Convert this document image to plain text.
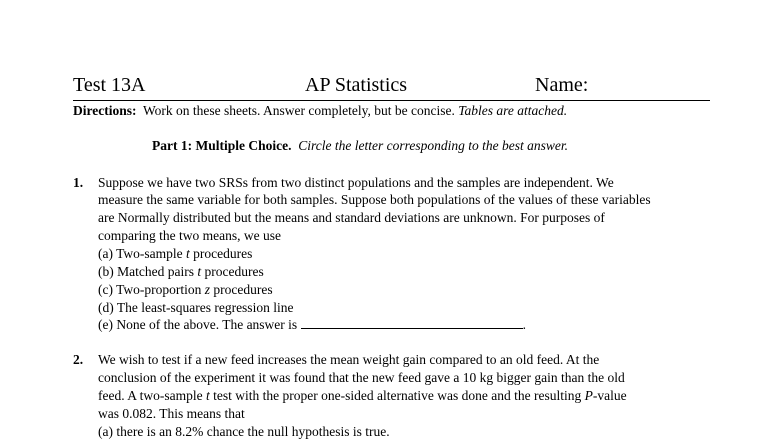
Test 13A	AP Statistics	Name:
Directions: Work on these sheets. Answer completely, but be concise. Tables are attached.
Part 1: Multiple Choice. Circle the letter corresponding to the best answer.
1. Suppose we have two SRSs from two distinct populations and the samples are independent. We
measure the same variable for both samples. Suppose both populations of the values of these variables
are Normally distributed but the means and standard deviations are unknown. For purposes of
comparing the two means, we use
(a) Two-sample t procedures
(b) Matched pairs t procedures
(c) Two-proportion z procedures
(d) The least-squares regression line
(e) None of the above. The answer is	.
2. We wish to test if a new feed increases the mean weight gain compared to an old feed. At the
conclusion of the experiment it was found that the new feed gave a 10 kg bigger gain than the old
feed. A two-sample t test with the proper one-sided alternative was done and the resulting P-value
was 0.082. This means that
(a) there is an 8.2% chance the null hypothesis is true.
